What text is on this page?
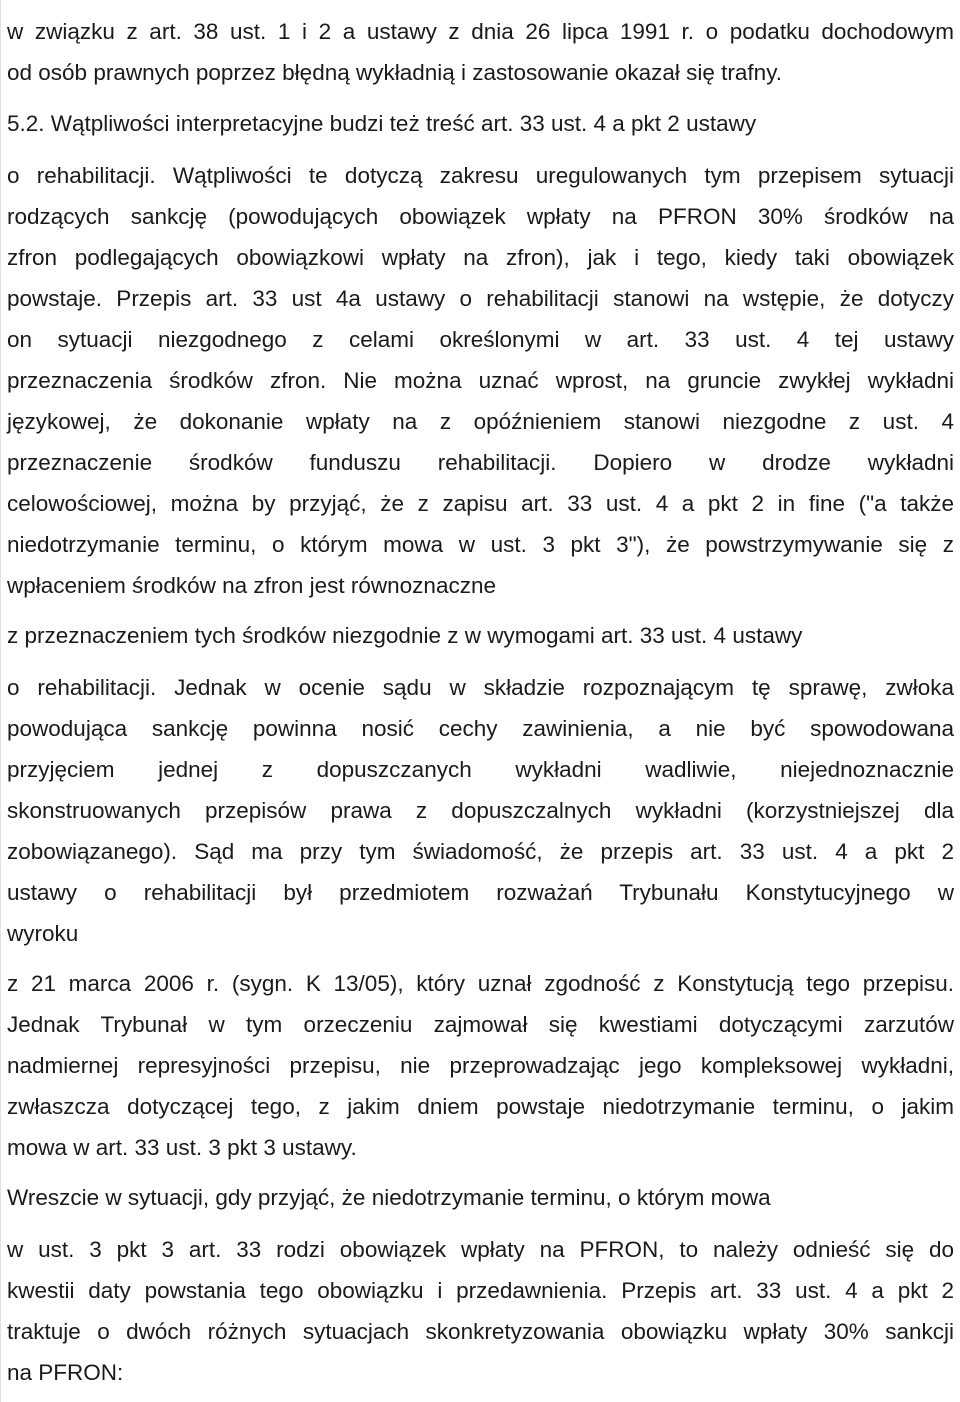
w związku z art. 38 ust. 1 i 2 a ustawy z dnia 26 lipca 1991 r. o podatku dochodowym
od osób prawnych poprzez błędną wykładnią i zastosowanie okazał się trafny.
5.2. Wątpliwości interpretacyjne budzi też treść art. 33 ust. 4 a pkt 2 ustawy
o rehabilitacji. Wątpliwości te dotyczą zakresu uregulowanych tym przepisem sytuacji
rodzących sankcję (powodujących obowiązek wpłaty na PFRON 30% środków na
zfron podlegających obowiązkowi wpłaty na zfron), jak i tego, kiedy taki obowiązek
powstaje. Przepis art. 33 ust 4a ustawy o rehabilitacji stanowi na wstępie, że dotyczy
on sytuacji niezgodnego z celami określonymi w art. 33 ust. 4 tej ustawy
przeznaczenia środków zfron. Nie można uznać wprost, na gruncie zwykłej wykładni
językowej, że dokonanie wpłaty na z opóźnieniem stanowi niezgodne z ust. 4
przeznaczenie środków funduszu rehabilitacji. Dopiero w drodze wykładni
celowościowej, można by przyjąć, że z zapisu art. 33 ust. 4 a pkt 2 in fine ("a także
niedotrzymanie terminu, o którym mowa w ust. 3 pkt 3"), że powstrzymywanie się z
wpłaceniem środków na zfron jest równoznaczne
z przeznaczeniem tych środków niezgodnie z w wymogami art. 33 ust. 4 ustawy
o rehabilitacji. Jednak w ocenie sądu w składzie rozpoznającym tę sprawę, zwłoka
powodująca sankcję powinna nosić cechy zawinienia, a nie być spowodowana
przyjęciem jednej z dopuszczanych wykładni wadliwie, niejednoznacznie
skonstruowanych przepisów prawa z dopuszczalnych wykładni (korzystniejszej dla
zobowiązanego). Sąd ma przy tym świadomość, że przepis art. 33 ust. 4 a pkt 2
ustawy o rehabilitacji był przedmiotem rozważań Trybunału Konstytucyjnego w
wyroku
z 21 marca 2006 r. (sygn. K 13/05), który uznał zgodność z Konstytucją tego przepisu.
Jednak Trybunał w tym orzeczeniu zajmował się kwestiami dotyczącymi zarzutów
nadmiernej represyjności przepisu, nie przeprowadzając jego kompleksowej wykładni,
zwłaszcza dotyczącej tego, z jakim dniem powstaje niedotrzymanie terminu, o jakim
mowa w art. 33 ust. 3 pkt 3 ustawy.
Wreszcie w sytuacji, gdy przyjąć, że niedotrzymanie terminu, o którym mowa
w ust. 3 pkt 3 art. 33 rodzi obowiązek wpłaty na PFRON, to należy odnieść się do
kwestii daty powstania tego obowiązku i przedawnienia. Przepis art. 33 ust. 4 a pkt 2
traktuje o dwóch różnych sytuacjach skonkretyzowania obowiązku wpłaty 30% sankcji
na PFRON:
